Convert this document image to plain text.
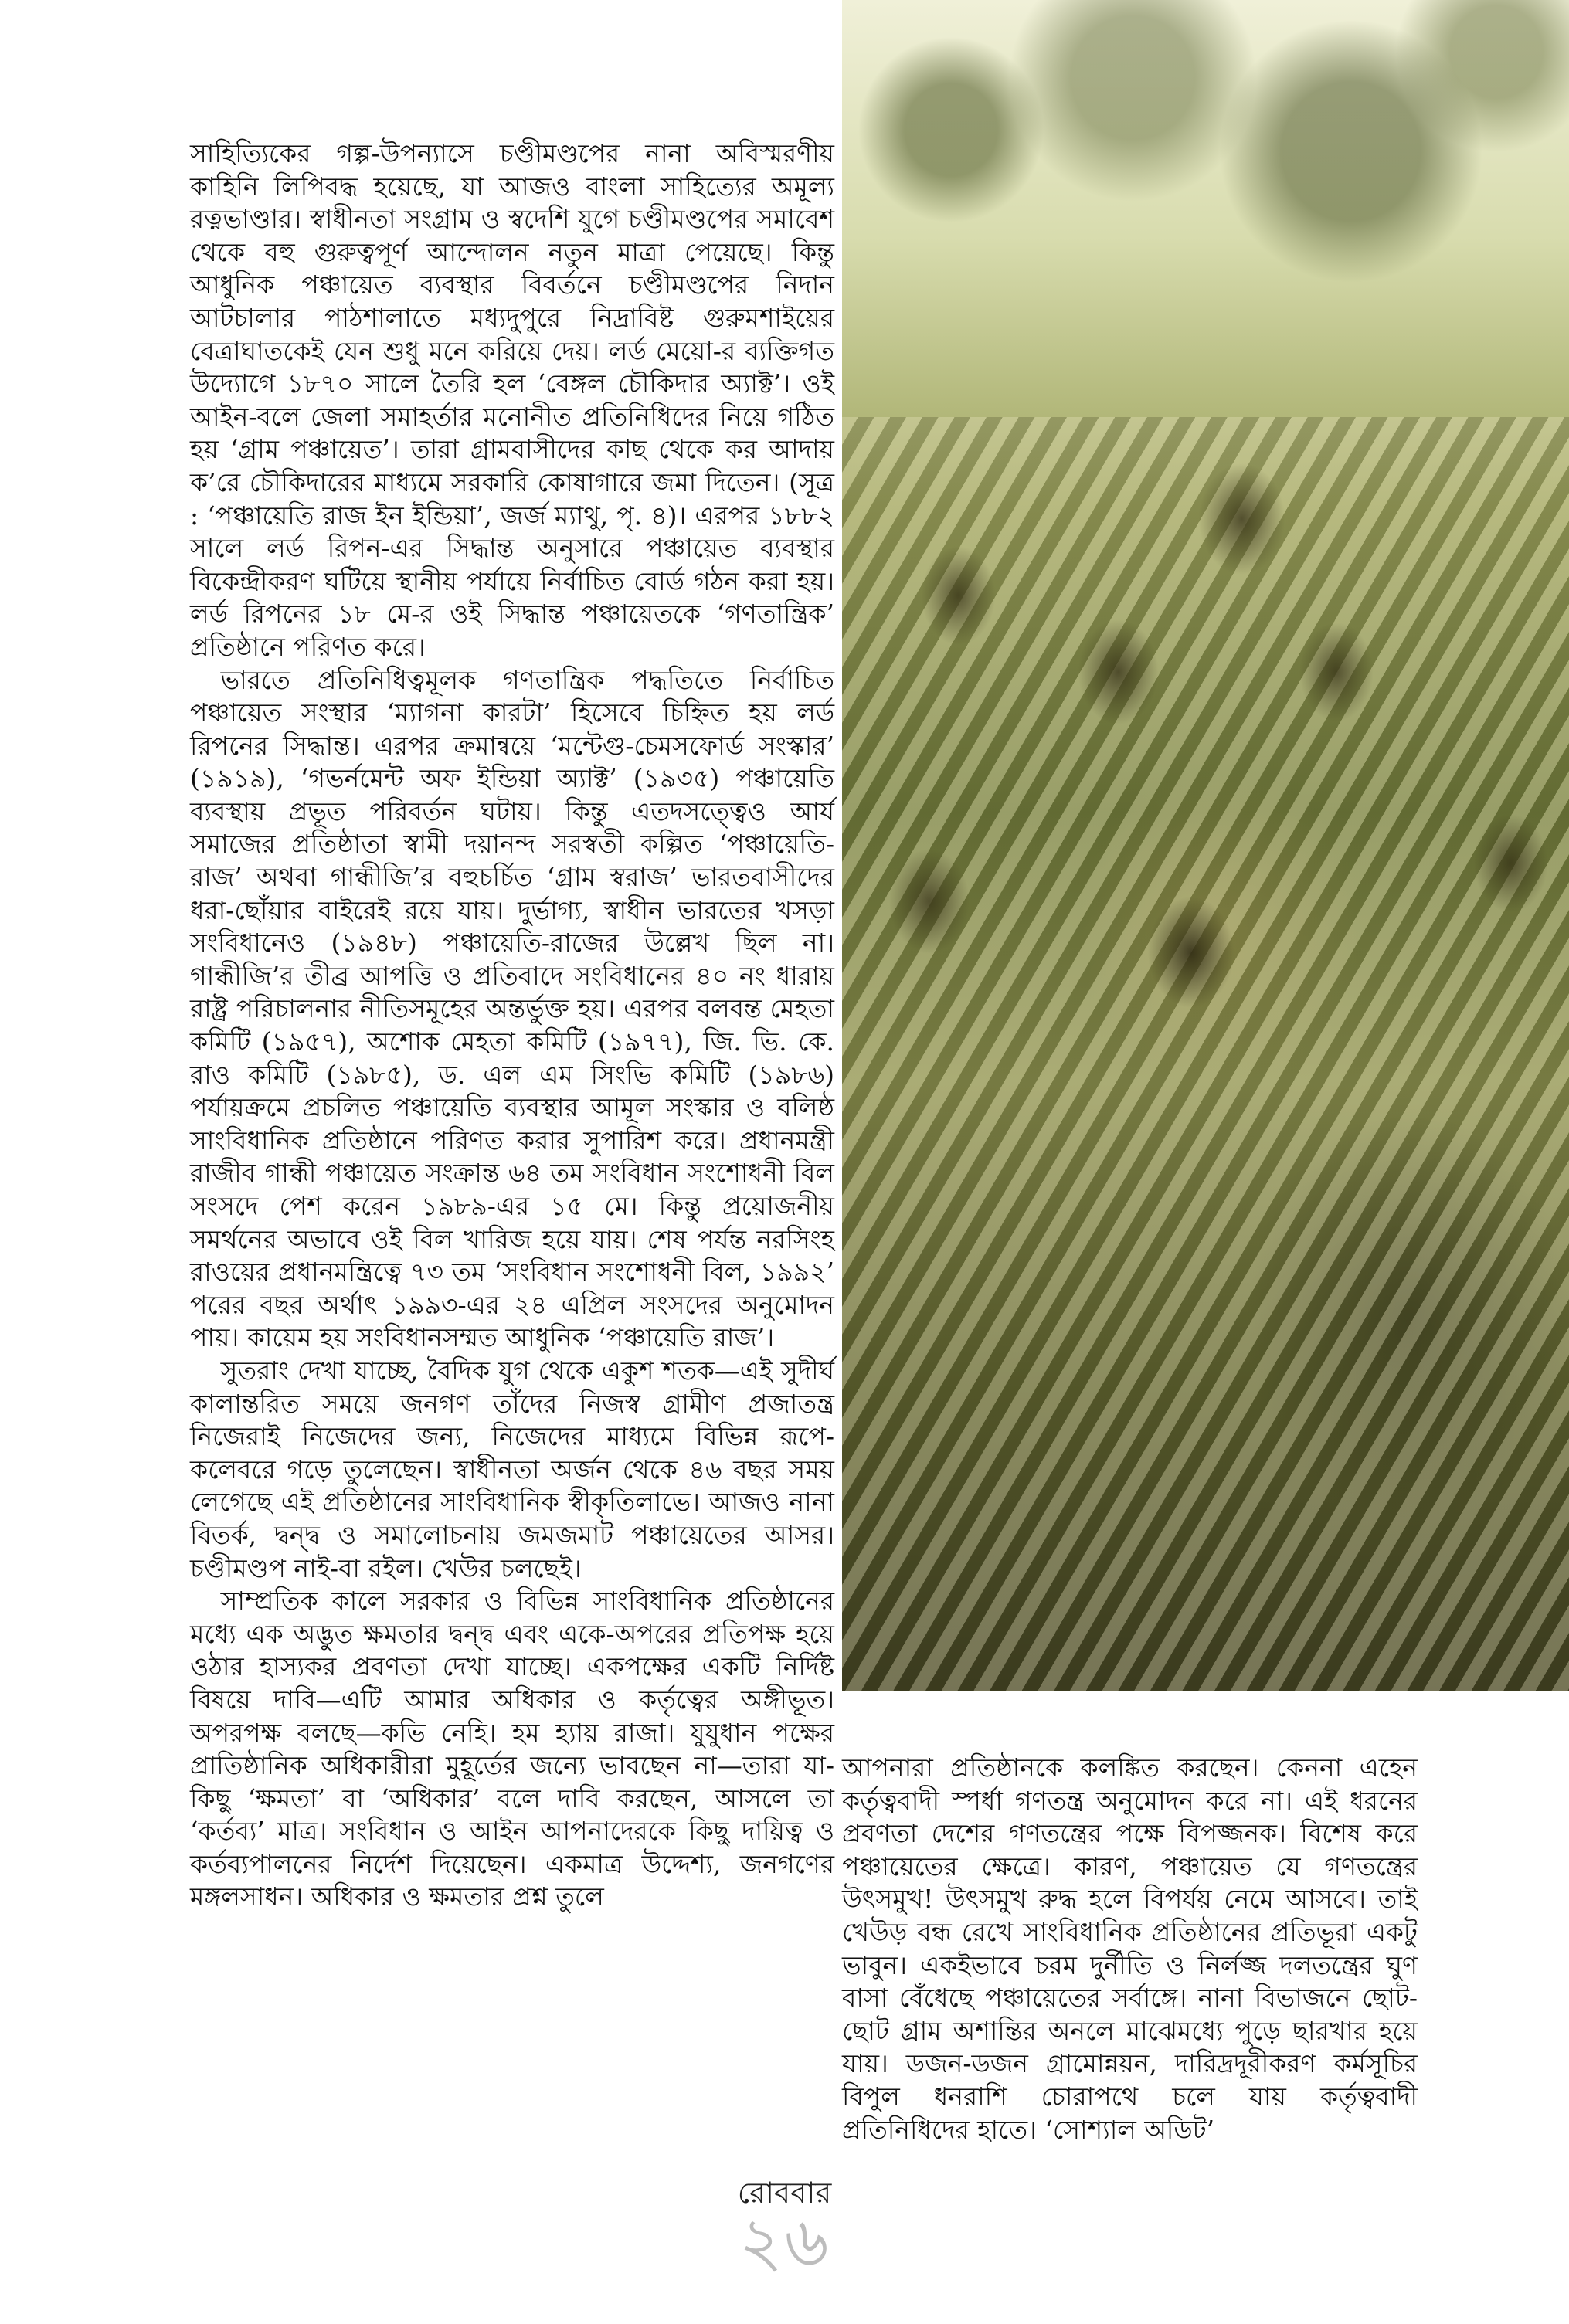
সাহিত্যিকের গল্প-উপন্যাসে চণ্ডীমণ্ডপের নানা অবিস্মরণীয় কাহিনি লিপিবদ্ধ হয়েছে, যা আজও বাংলা সাহিত্যের অমূল্য রত্নভাণ্ডার। স্বাধীনতা সংগ্রাম ও স্বদেশি যুগে চণ্ডীমণ্ডপের সমাবেশ থেকে বহু গুরুত্বপূর্ণ আন্দোলন নতুন মাত্রা পেয়েছে। কিন্তু আধুনিক পঞ্চায়েত ব্যবস্থার বিবর্তনে চণ্ডীমণ্ডপের নিদান আটচালার পাঠশালাতে মধ্যদুপুরে নিদ্রাবিষ্ট গুরুমশাইয়ের বেত্রাঘাতকেই যেন শুধু মনে করিয়ে দেয়। লর্ড মেয়ো-র ব্যক্তিগত উদ্যোগে ১৮৭০ সালে তৈরি হল ‘বেঙ্গল চৌকিদার অ্যাক্ট’। ওই আইন-বলে জেলা সমাহর্তার মনোনীত প্রতিনিধিদের নিয়ে গঠিত হয় ‘গ্রাম পঞ্চায়েত’। তারা গ্রামবাসীদের কাছ থেকে কর আদায় ক’রে চৌকিদারের মাধ্যমে সরকারি কোষাগারে জমা দিতেন। (সূত্র : ‘পঞ্চায়েতি রাজ ইন ইন্ডিয়া’, জর্জ ম্যাথু, পৃ. ৪)। এরপর ১৮৮২ সালে লর্ড রিপন-এর সিদ্ধান্ত অনুসারে পঞ্চায়েত ব্যবস্থার বিকেন্দ্রীকরণ ঘটিয়ে স্থানীয় পর্যায়ে নির্বাচিত বোর্ড গঠন করা হয়। লর্ড রিপনের ১৮ মে-র ওই সিদ্ধান্ত পঞ্চায়েতকে ‘গণতান্ত্রিক’ প্রতিষ্ঠানে পরিণত করে।

ভারতে প্রতিনিধিত্বমূলক গণতান্ত্রিক পদ্ধতিতে নির্বাচিত পঞ্চায়েত সংস্থার ‘ম্যাগনা কারটা’ হিসেবে চিহ্নিত হয় লর্ড রিপনের সিদ্ধান্ত। এরপর ক্রমান্বয়ে ‘মন্টেগু-চেমসফোর্ড সংস্কার’ (১৯১৯), ‘গভর্নমেন্ট অফ ইন্ডিয়া অ্যাক্ট’ (১৯৩৫) পঞ্চায়েতি ব্যবস্থায় প্রভূত পরিবর্তন ঘটায়। কিন্তু এতদসত্ত্বেও আর্য সমাজের প্রতিষ্ঠাতা স্বামী দয়ানন্দ সরস্বতী কল্পিত ‘পঞ্চায়েতি-রাজ’ অথবা গান্ধীজি’র বহুচর্চিত ‘গ্রাম স্বরাজ’ ভারতবাসীদের ধরা-ছোঁয়ার বাইরেই রয়ে যায়। দুর্ভাগ্য, স্বাধীন ভারতের খসড়া সংবিধানেও (১৯৪৮) পঞ্চায়েতি-রাজের উল্লেখ ছিল না। গান্ধীজি’র তীব্র আপত্তি ও প্রতিবাদে সংবিধানের ৪০ নং ধারায় রাষ্ট্র পরিচালনার নীতিসমূহের অন্তর্ভুক্ত হয়। এরপর বলবন্ত মেহতা কমিটি (১৯৫৭), অশোক মেহতা কমিটি (১৯৭৭), জি. ভি. কে. রাও কমিটি (১৯৮৫), ড. এল এম সিংভি কমিটি (১৯৮৬) পর্যায়ক্রমে প্রচলিত পঞ্চায়েতি ব্যবস্থার আমূল সংস্কার ও বলিষ্ঠ সাংবিধানিক প্রতিষ্ঠানে পরিণত করার সুপারিশ করে। প্রধানমন্ত্রী রাজীব গান্ধী পঞ্চায়েত সংক্রান্ত ৬৪ তম সংবিধান সংশোধনী বিল সংসদে পেশ করেন ১৯৮৯-এর ১৫ মে। কিন্তু প্রয়োজনীয় সমর্থনের অভাবে ওই বিল খারিজ হয়ে যায়। শেষ পর্যন্ত নরসিংহ রাওয়ের প্রধানমন্ত্রিত্বে ৭৩ তম ‘সংবিধান সংশোধনী বিল, ১৯৯২’ পরের বছর অর্থাৎ ১৯৯৩-এর ২৪ এপ্রিল সংসদের অনুমোদন পায়। কায়েম হয় সংবিধানসম্মত আধুনিক ‘পঞ্চায়েতি রাজ’।

সুতরাং দেখা যাচ্ছে, বৈদিক যুগ থেকে একুশ শতক—এই সুদীর্ঘ কালান্তরিত সময়ে জনগণ তাঁদের নিজস্ব গ্রামীণ প্রজাতন্ত্র নিজেরাই নিজেদের জন্য, নিজেদের মাধ্যমে বিভিন্ন রূপে-কলেবরে গড়ে তুলেছেন। স্বাধীনতা অর্জন থেকে ৪৬ বছর সময় লেগেছে এই প্রতিষ্ঠানের সাংবিধানিক স্বীকৃতিলাভে। আজও নানা বিতর্ক, দ্বন্দ্ব ও সমালোচনায় জমজমাট পঞ্চায়েতের আসর। চণ্ডীমণ্ডপ নাই-বা রইল। খেউর চলছেই।

সাম্প্রতিক কালে সরকার ও বিভিন্ন সাংবিধানিক প্রতিষ্ঠানের মধ্যে এক অদ্ভুত ক্ষমতার দ্বন্দ্ব এবং একে-অপরের প্রতিপক্ষ হয়ে ওঠার হাস্যকর প্রবণতা দেখা যাচ্ছে। একপক্ষের একটি নির্দিষ্ট বিষয়ে দাবি—এটি আমার অধিকার ও কর্তৃত্বের অঙ্গীভূত। অপরপক্ষ বলছে—কভি নেহি। হম হ্যায় রাজা। যুযুধান পক্ষের প্রাতিষ্ঠানিক অধিকারীরা মুহূর্তের জন্যে ভাবছেন না—তারা যা-কিছু ‘ক্ষমতা’ বা ‘অধিকার’ বলে দাবি করছেন, আসলে তা ‘কর্তব্য’ মাত্র। সংবিধান ও আইন আপনাদেরকে কিছু দায়িত্ব ও কর্তব্যপালনের নির্দেশ দিয়েছেন। একমাত্র উদ্দেশ্য, জনগণের মঙ্গলসাধন। অধিকার ও ক্ষমতার প্রশ্ন তুলে

আপনারা প্রতিষ্ঠানকে কলঙ্কিত করছেন। কেননা এহেন কর্তৃত্ববাদী স্পর্ধা গণতন্ত্র অনুমোদন করে না। এই ধরনের প্রবণতা দেশের গণতন্ত্রের পক্ষে বিপজ্জনক। বিশেষ করে পঞ্চায়েতের ক্ষেত্রে। কারণ, পঞ্চায়েত যে গণতন্ত্রের উৎসমুখ! উৎসমুখ রুদ্ধ হলে বিপর্যয় নেমে আসবে। তাই খেউড় বন্ধ রেখে সাংবিধানিক প্রতিষ্ঠানের প্রতিভূরা একটু ভাবুন। একইভাবে চরম দুর্নীতি ও নির্লজ্জ দলতন্ত্রের ঘুণ বাসা বেঁধেছে পঞ্চায়েতের সর্বাঙ্গে। নানা বিভাজনে ছোট-ছোট গ্রাম অশান্তির অনলে মাঝেমধ্যে পুড়ে ছারখার হয়ে যায়। ডজন-ডজন গ্রামোন্নয়ন, দারিদ্রদূরীকরণ কর্মসূচির বিপুল ধনরাশি চোরাপথে চলে যায় কর্তৃত্ববাদী প্রতিনিধিদের হাতে। ‘সোশ্যাল অডিট’

রোববার
২৬
